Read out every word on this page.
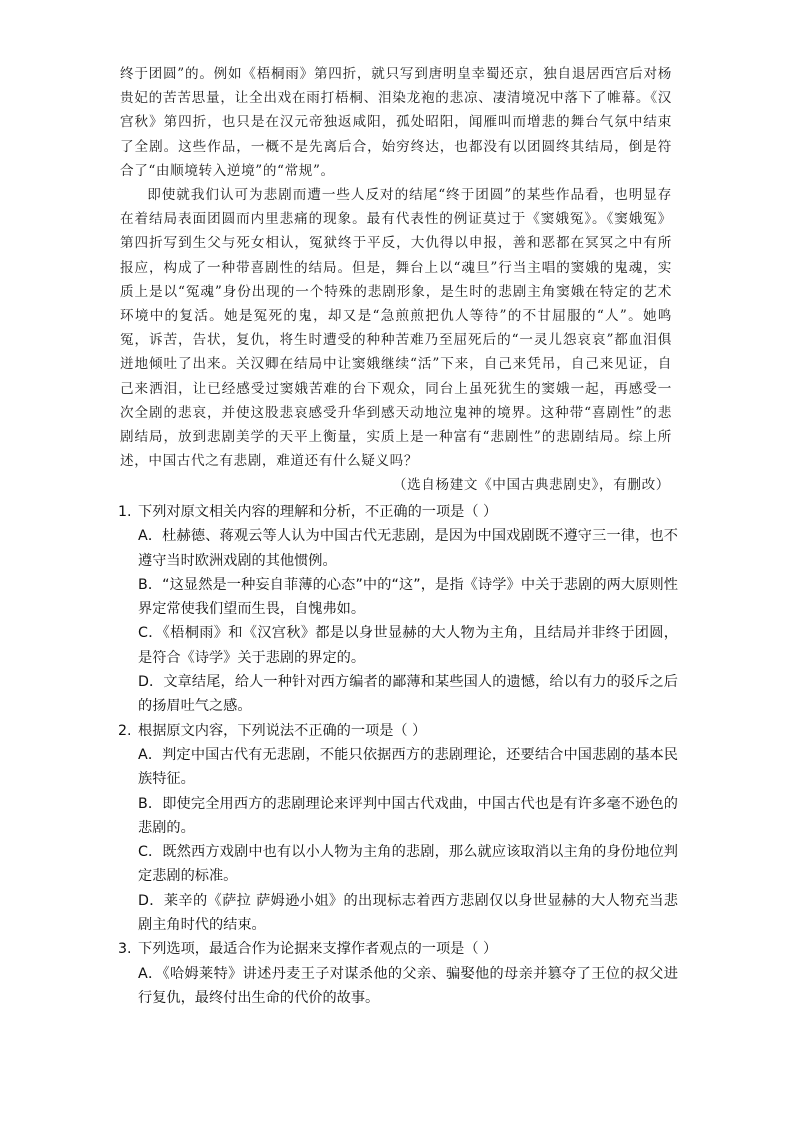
终于团圆”的。例如《梧桐雨》第四折，就只写到唐明皇幸蜀还京，独自退居西宫后对杨贵妃的苦苦思量，让全出戏在雨打梧桐、泪染龙袍的悲凉、凄清境况中落下了帷幕。《汉宫秋》第四折，也只是在汉元帝独返咸阳，孤处昭阳，闻雁叫而增悲的舞台气氛中结束了全剧。这些作品，一概不是先离后合，始穷终达，也都没有以团圆终其结局，倒是符合了“由顺境转入逆境”的“常规”。

即使就我们认可为悲剧而遭一些人反对的结尾“终于团圆”的某些作品看，也明显存在着结局表面团圆而内里悲痛的现象。最有代表性的例证莫过于《窦娥冤》。《窦娥冤》第四折写到生父与死女相认，冤狱终于平反，大仇得以申报，善和恶都在冥冥之中有所报应，构成了一种带喜剧性的结局。但是，舞台上以“魂旦”行当主唱的窦娥的鬼魂，实质上是以“冤魂”身份出现的一个特殊的悲剧形象，是生时的悲剧主角窦娥在特定的艺术环境中的复活。她是冤死的鬼，却又是“急煎煎把仇人等待”的不甘屈服的“人”。她鸣冤，诉苦，告状，复仇，将生时遭受的种种苦难乃至屈死后的“一灵儿怨哀哀”都血泪俱迸地倾吐了出来。关汉卿在结局中让窦娥继续“活”下来，自己来凭吊，自己来见证，自己来洒泪，让已经感受过窦娥苦难的台下观众，同台上虽死犹生的窦娥一起，再感受一次全剧的悲哀，并使这股悲哀感受升华到感天动地泣鬼神的境界。这种带“喜剧性”的悲剧结局，放到悲剧美学的天平上衡量，实质上是一种富有“悲剧性”的悲剧结局。综上所述，中国古代之有悲剧，难道还有什么疑义吗？

（选自杨建文《中国古典悲剧史》，有删改）

1. 下列对原文相关内容的理解和分析，不正确的一项是（ ）

A．杜赫德、蒋观云等人认为中国古代无悲剧，是因为中国戏剧既不遵守三一律，也不遵守当时欧洲戏剧的其他惯例。

B．“这显然是一种妄自菲薄的心态”中的“这”，是指《诗学》中关于悲剧的两大原则性界定常使我们望而生畏，自愧弗如。

C．《梧桐雨》和《汉宫秋》都是以身世显赫的大人物为主角，且结局并非终于团圆，是符合《诗学》关于悲剧的界定的。

D．文章结尾，给人一种针对西方编者的鄙薄和某些国人的遗憾，给以有力的驳斥之后的扬眉吐气之感。

2. 根据原文内容，下列说法不正确的一项是（ ）

A．判定中国古代有无悲剧，不能只依据西方的悲剧理论，还要结合中国悲剧的基本民族特征。

B．即使完全用西方的悲剧理论来评判中国古代戏曲，中国古代也是有许多毫不逊色的悲剧的。

C．既然西方戏剧中也有以小人物为主角的悲剧，那么就应该取消以主角的身份地位判定悲剧的标准。

D．莱辛的《萨拉 萨姆逊小姐》的出现标志着西方悲剧仅以身世显赫的大人物充当悲剧主角时代的结束。

3. 下列选项，最适合作为论据来支撑作者观点的一项是（ ）

A．《哈姆莱特》讲述丹麦王子对谋杀他的父亲、骗娶他的母亲并篡夺了王位的叔父进行复仇，最终付出生命的代价的故事。
